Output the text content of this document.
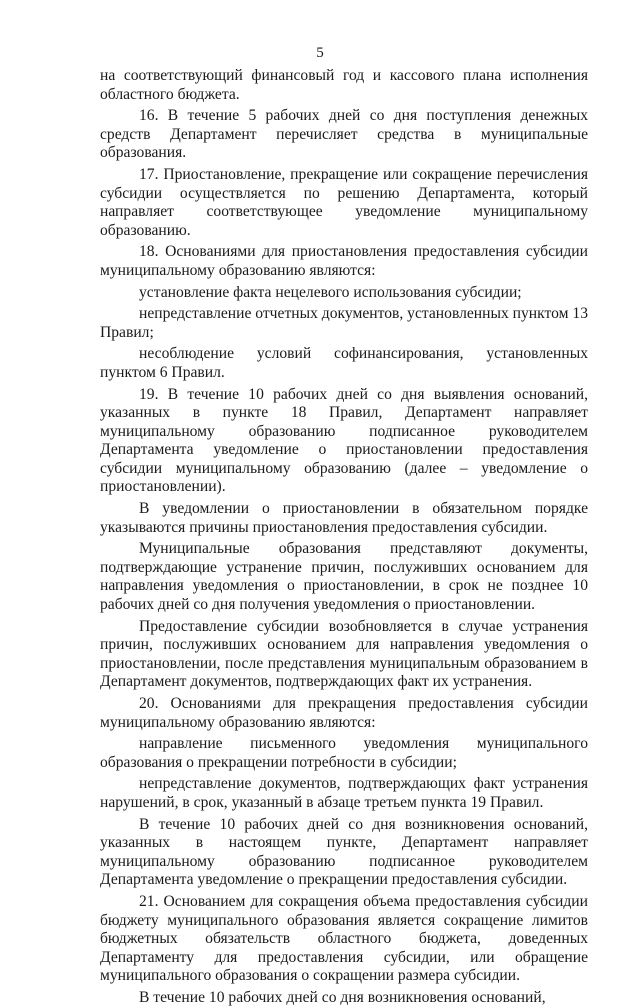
5

на соответствующий финансовый год и кассового плана исполнения областного бюджета.

16. В течение 5 рабочих дней со дня поступления денежных средств Департамент перечисляет средства в муниципальные образования.

17. Приостановление, прекращение или сокращение перечисления субсидии осуществляется по решению Департамента, который направляет соответствующее уведомление муниципальному образованию.

18. Основаниями для приостановления предоставления субсидии муниципальному образованию являются:

установление факта нецелевого использования субсидии;

непредставление отчетных документов, установленных пунктом 13 Правил;

несоблюдение условий софинансирования, установленных пунктом 6 Правил.

19. В течение 10 рабочих дней со дня выявления оснований, указанных в пункте 18 Правил, Департамент направляет муниципальному образованию подписанное руководителем Департамента уведомление о приостановлении предоставления субсидии муниципальному образованию (далее – уведомление о приостановлении).

В уведомлении о приостановлении в обязательном порядке указываются причины приостановления предоставления субсидии.

Муниципальные образования представляют документы, подтверждающие устранение причин, послуживших основанием для направления уведомления о приостановлении, в срок не позднее 10 рабочих дней со дня получения уведомления о приостановлении.

Предоставление субсидии возобновляется в случае устранения причин, послуживших основанием для направления уведомления о приостановлении, после представления муниципальным образованием в Департамент документов, подтверждающих факт их устранения.

20. Основаниями для прекращения предоставления субсидии муниципальному образованию являются:

направление письменного уведомления муниципального образования о прекращении потребности в субсидии;

непредставление документов, подтверждающих факт устранения нарушений, в срок, указанный в абзаце третьем пункта 19 Правил.

В течение 10 рабочих дней со дня возникновения оснований, указанных в настоящем пункте, Департамент направляет муниципальному образованию подписанное руководителем Департамента уведомление о прекращении предоставления субсидии.

21. Основанием для сокращения объема предоставления субсидии бюджету муниципального образования является сокращение лимитов бюджетных обязательств областного бюджета, доведенных Департаменту для предоставления субсидии, или обращение муниципального образования о сокращении размера субсидии.

В течение 10 рабочих дней со дня возникновения оснований,
